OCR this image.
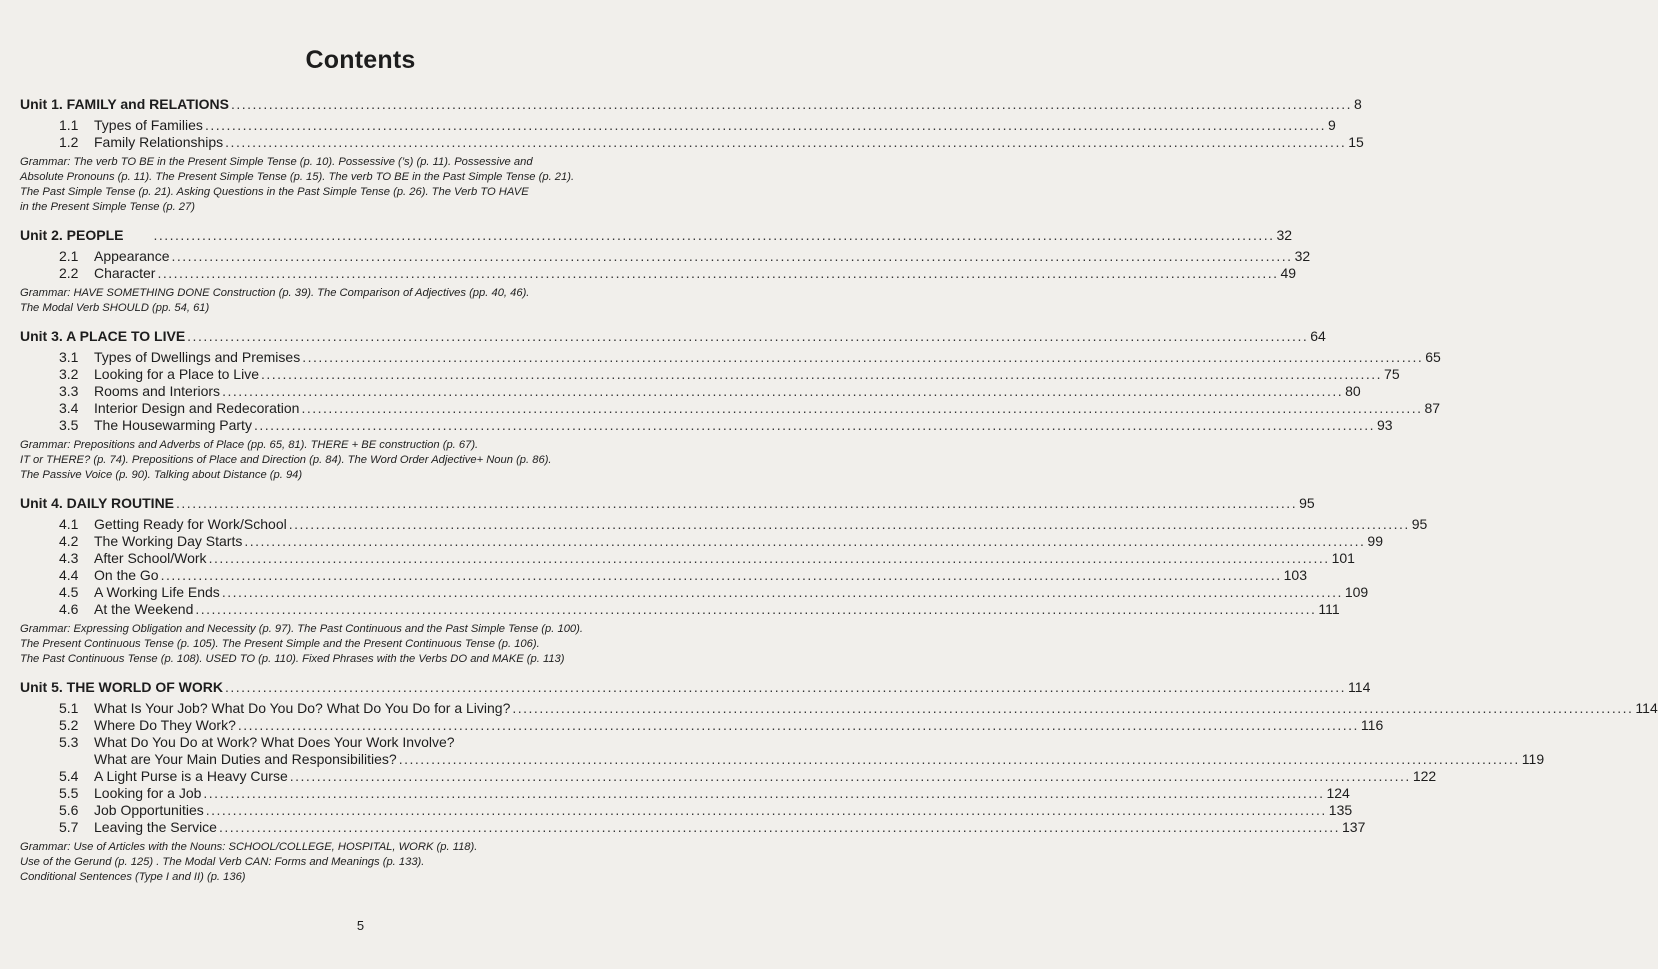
Contents
Unit 1. FAMILY and RELATIONS .....	8
1.1	Types of Families .....	9
1.2	Family Relationships .....	15
Grammar: The verb TO BE in the Present Simple Tense (p. 10). Possessive (’s) (p. 11). Possessive and
Absolute Pronouns (p. 11). The Present Simple Tense (p. 15). The verb TO BE in the Past Simple Tense (p. 21).
The Past Simple Tense (p. 21). Asking Questions in the Past Simple Tense (p. 26). The Verb TO HAVE
in the Present Simple Tense (p. 27)
Unit 2. PEOPLE .....	32
2.1	Appearance .....	32
2.2	Character .....	49
Grammar: HAVE SOMETHING DONE Construction (p. 39). The Comparison of Adjectives (pp. 40, 46).
The Modal Verb SHOULD (pp. 54, 61)
Unit 3. A PLACE TO LIVE .....	64
3.1	Types of Dwellings and Premises .....	65
3.2	Looking for a Place to Live .....	75
3.3	Rooms and Interiors .....	80
3.4	Interior Design and Redecoration .....	87
3.5	The Housewarming Party .....	93
Grammar: Prepositions and Adverbs of Place (pp. 65, 81). THERE + BE construction (p. 67).
IT or THERE? (p. 74). Prepositions of Place and Direction (p. 84). The Word Order Adjective+ Noun (p. 86).
The Passive Voice (p. 90). Talking about Distance (p. 94)
Unit 4. DAILY ROUTINE .....	95
4.1	Getting Ready for Work/School .....	95
4.2	The Working Day Starts .....	99
4.3	After School/Work .....	101
4.4	On the Go .....	103
4.5	A Working Life Ends .....	109
4.6	At the Weekend .....	111
Grammar: Expressing Obligation and Necessity (p. 97). The Past Continuous and the Past Simple Tense (p. 100).
The Present Continuous Tense (p. 105). The Present Simple and the Present Continuous Tense (p. 106).
The Past Continuous Tense (p. 108). USED TO (p. 110). Fixed Phrases with the Verbs DO and MAKE (p. 113)
Unit 5. THE WORLD OF WORK .....	114
5.1	What Is Your Job? What Do You Do? What Do You Do for a Living? .....	114
5.2	Where Do They Work? .....	116
5.3	What Do You Do at Work? What Does Your Work Involve?
What are Your Main Duties and Responsibilities? .....	119
5.4	A Light Purse is a Heavy Curse .....	122
5.5	Looking for a Job .....	124
5.6	Job Opportunities .....	135
5.7	Leaving the Service .....	137
Grammar: Use of Articles with the Nouns: SCHOOL/COLLEGE, HOSPITAL, WORK (p. 118).
Use of the Gerund (p. 125) . The Modal Verb CAN: Forms and Meanings (p. 133).
Conditional Sentences (Type I and II) (p. 136)
5
